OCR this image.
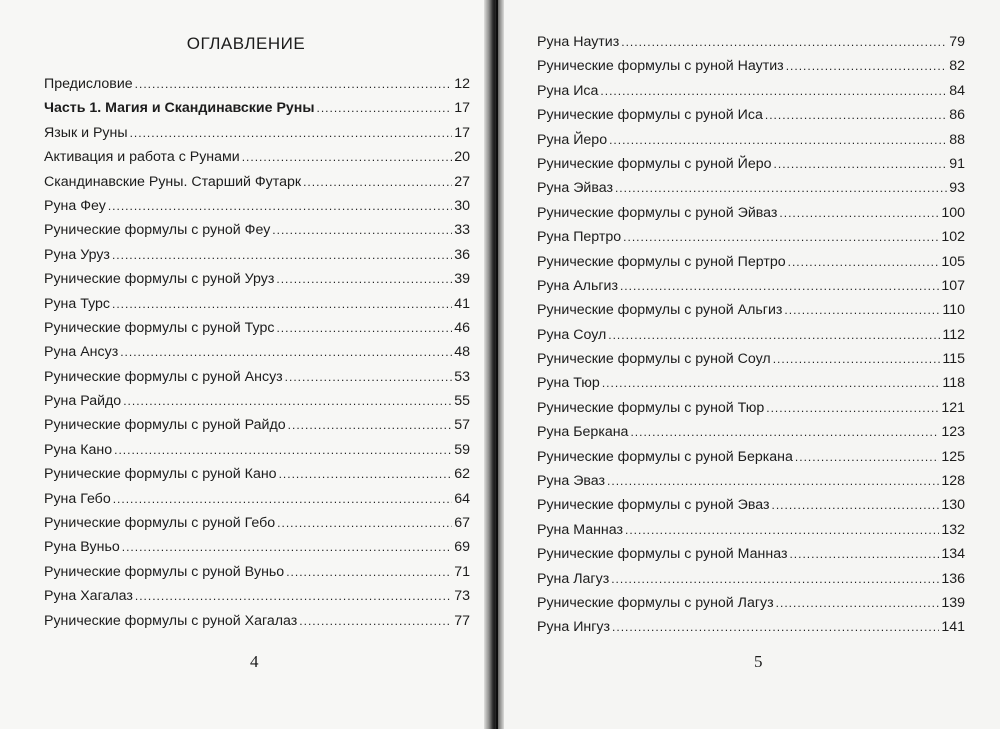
ОГЛАВЛЕНИЕ
Предисловие .....	12
Часть 1. Магия и Скандинавские Руны .....	17
Язык и Руны .....	17
Активация и работа с Рунами .....	20
Скандинавские Руны. Старший Футарк .....	27
Руна Феу .....	30
Рунические формулы с руной Феу .....	33
Руна Уруз .....	36
Рунические формулы с руной Уруз .....	39
Руна Турс .....	41
Рунические формулы с руной Турс .....	46
Руна Ансуз .....	48
Рунические формулы с руной Ансуз .....	53
Руна Райдо .....	55
Рунические формулы с руной Райдо .....	57
Руна Кано .....	59
Рунические формулы с руной Кано .....	62
Руна Гебо .....	64
Рунические формулы с руной Гебо .....	67
Руна Вуньо .....	69
Рунические формулы с руной Вуньо .....	71
Руна Хагалаз .....	73
Рунические формулы с руной Хагалаз .....	77
Руна Наутиз .....	79
Рунические формулы с руной Наутиз .....	82
Руна Иса .....	84
Рунические формулы с руной Иса .....	86
Руна Йеро .....	88
Рунические формулы с руной Йеро .....	91
Руна Эйваз .....	93
Рунические формулы с руной Эйваз .....	100
Руна Пертро .....	102
Рунические формулы с руной Пертро .....	105
Руна Альгиз .....	107
Рунические формулы с руной Альгиз .....	110
Руна Соул .....	112
Рунические формулы с руной Соул .....	115
Руна Тюр .....	118
Рунические формулы с руной Тюр .....	121
Руна Беркана .....	123
Рунические формулы с руной Беркана .....	125
Руна Эваз .....	128
Рунические формулы с руной Эваз .....	130
Руна Манназ .....	132
Рунические формулы с руной Манназ .....	134
Руна Лагуз .....	136
Рунические формулы с руной Лагуз .....	139
Руна Ингуз .....	141
4	5
